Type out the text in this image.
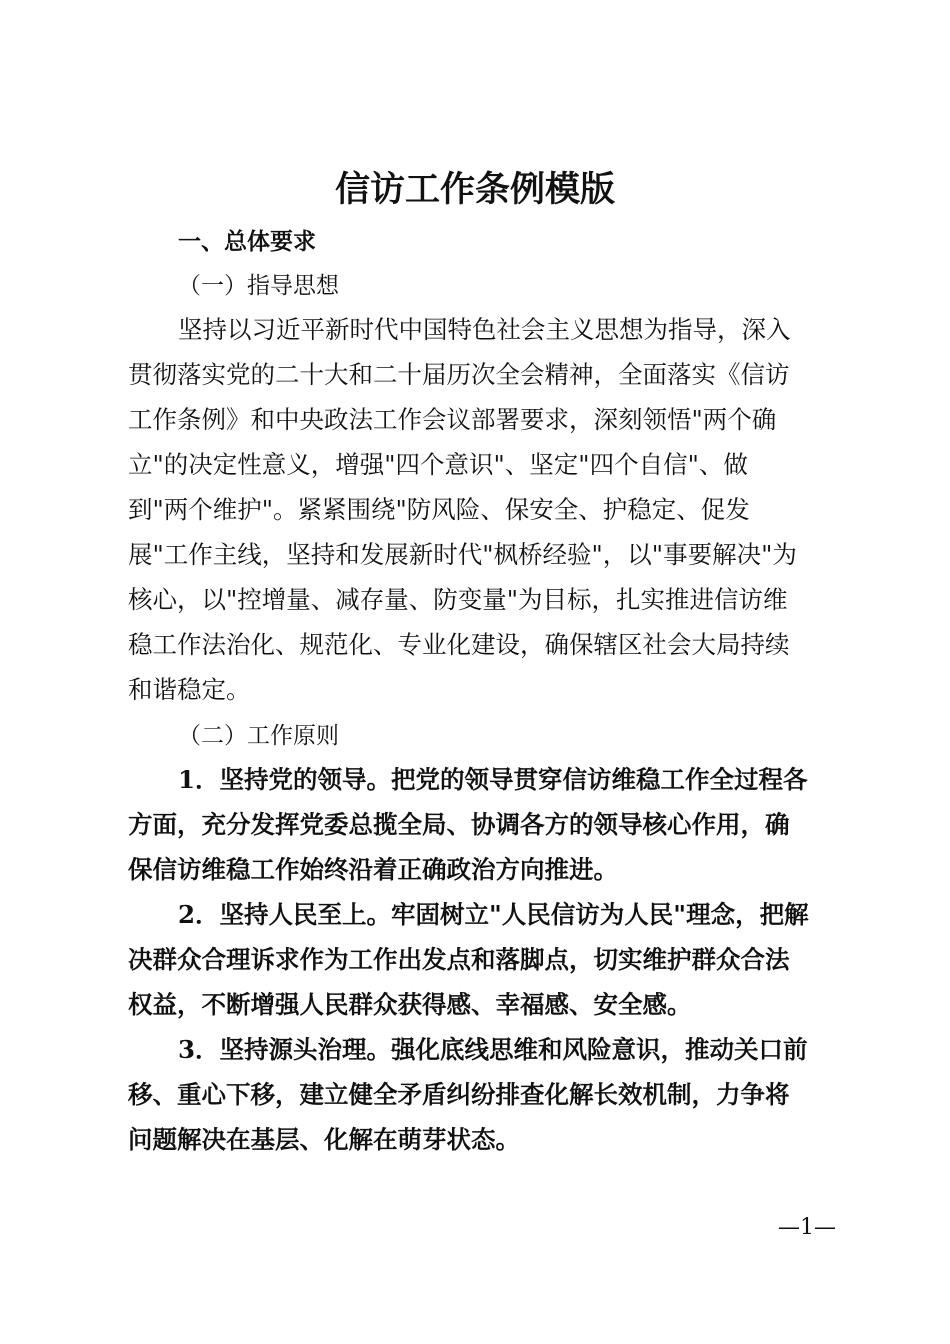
信访工作条例模版
一、总体要求
（一）指导思想
坚持以习近平新时代中国特色社会主义思想为指导，深入
贯彻落实党的二十大和二十届历次全会精神，全面落实《信访
工作条例》和中央政法工作会议部署要求，深刻领悟"两个确
立"的决定性意义，增强"四个意识"、坚定"四个自信"、做
到"两个维护"。紧紧围绕"防风险、保安全、护稳定、促发
展"工作主线，坚持和发展新时代"枫桥经验"，以"事要解决"为
核心，以"控增量、减存量、防变量"为目标，扎实推进信访维
稳工作法治化、规范化、专业化建设，确保辖区社会大局持续
和谐稳定。
（二）工作原则
1．坚持党的领导。把党的领导贯穿信访维稳工作全过程各
方面，充分发挥党委总揽全局、协调各方的领导核心作用，确
保信访维稳工作始终沿着正确政治方向推进。
2．坚持人民至上。牢固树立"人民信访为人民"理念，把解
决群众合理诉求作为工作出发点和落脚点，切实维护群众合法
权益，不断增强人民群众获得感、幸福感、安全感。
3．坚持源头治理。强化底线思维和风险意识，推动关口前
移、重心下移，建立健全矛盾纠纷排查化解长效机制，力争将
问题解决在基层、化解在萌芽状态。
—1—
